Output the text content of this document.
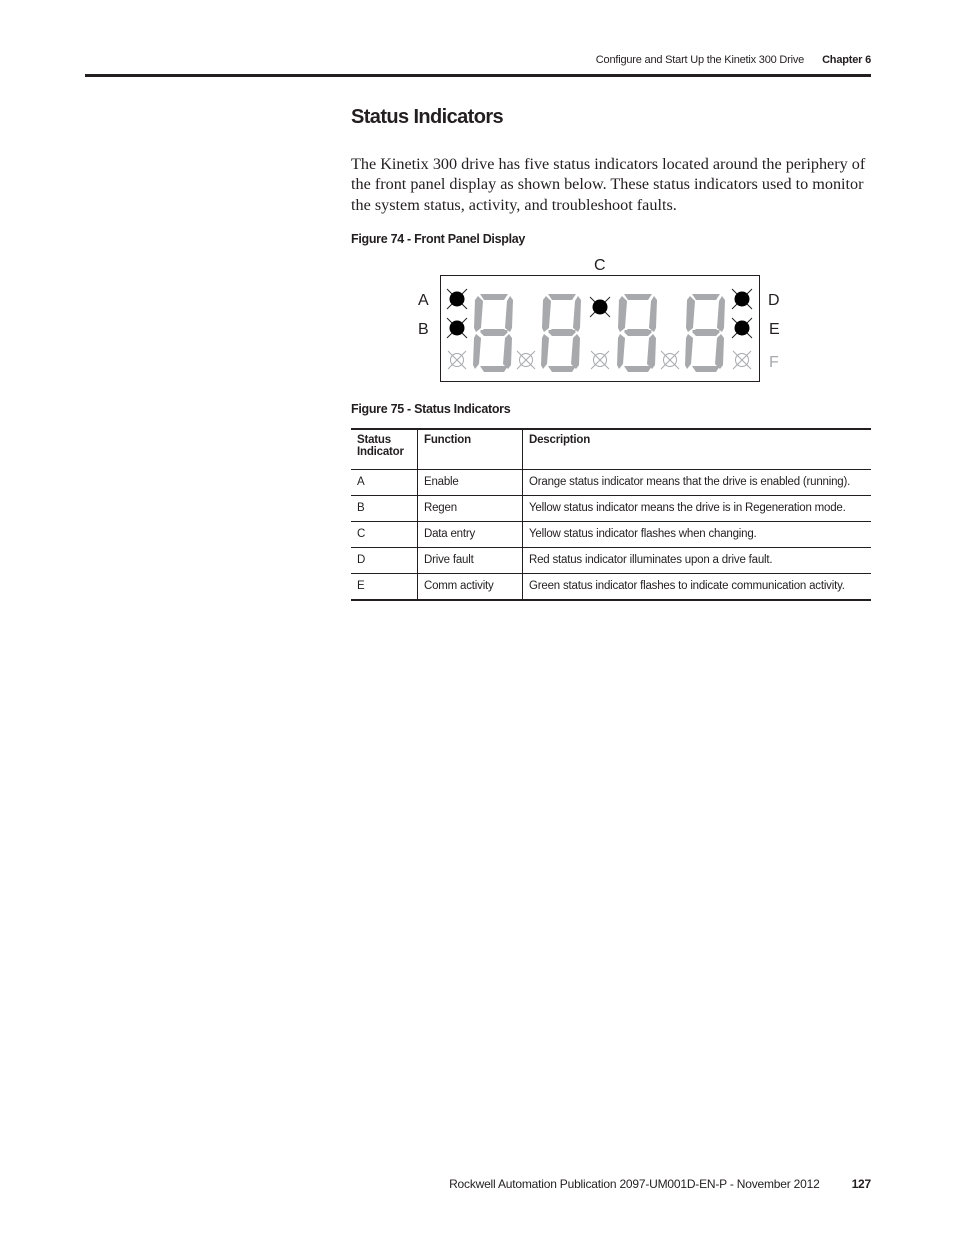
Configure and Start Up the Kinetix 300 Drive Chapter 6
Status Indicators

The Kinetix 300 drive has five status indicators located around the periphery of the front panel display as shown below. These status indicators used to monitor the system status, activity, and troubleshoot faults.

Figure 74 - Front Panel Display

A
B
C
D
E
F

Figure 75 - Status Indicators

Status Indicator	Function	Description
A	Enable	Orange status indicator means that the drive is enabled (running).
B	Regen	Yellow status indicator means the drive is in Regeneration mode.
C	Data entry	Yellow status indicator flashes when changing.
D	Drive fault	Red status indicator illuminates upon a drive fault.
E	Comm activity	Green status indicator flashes to indicate communication activity.
Rockwell Automation Publication 2097-UM001D-EN-P - November 2012	127
